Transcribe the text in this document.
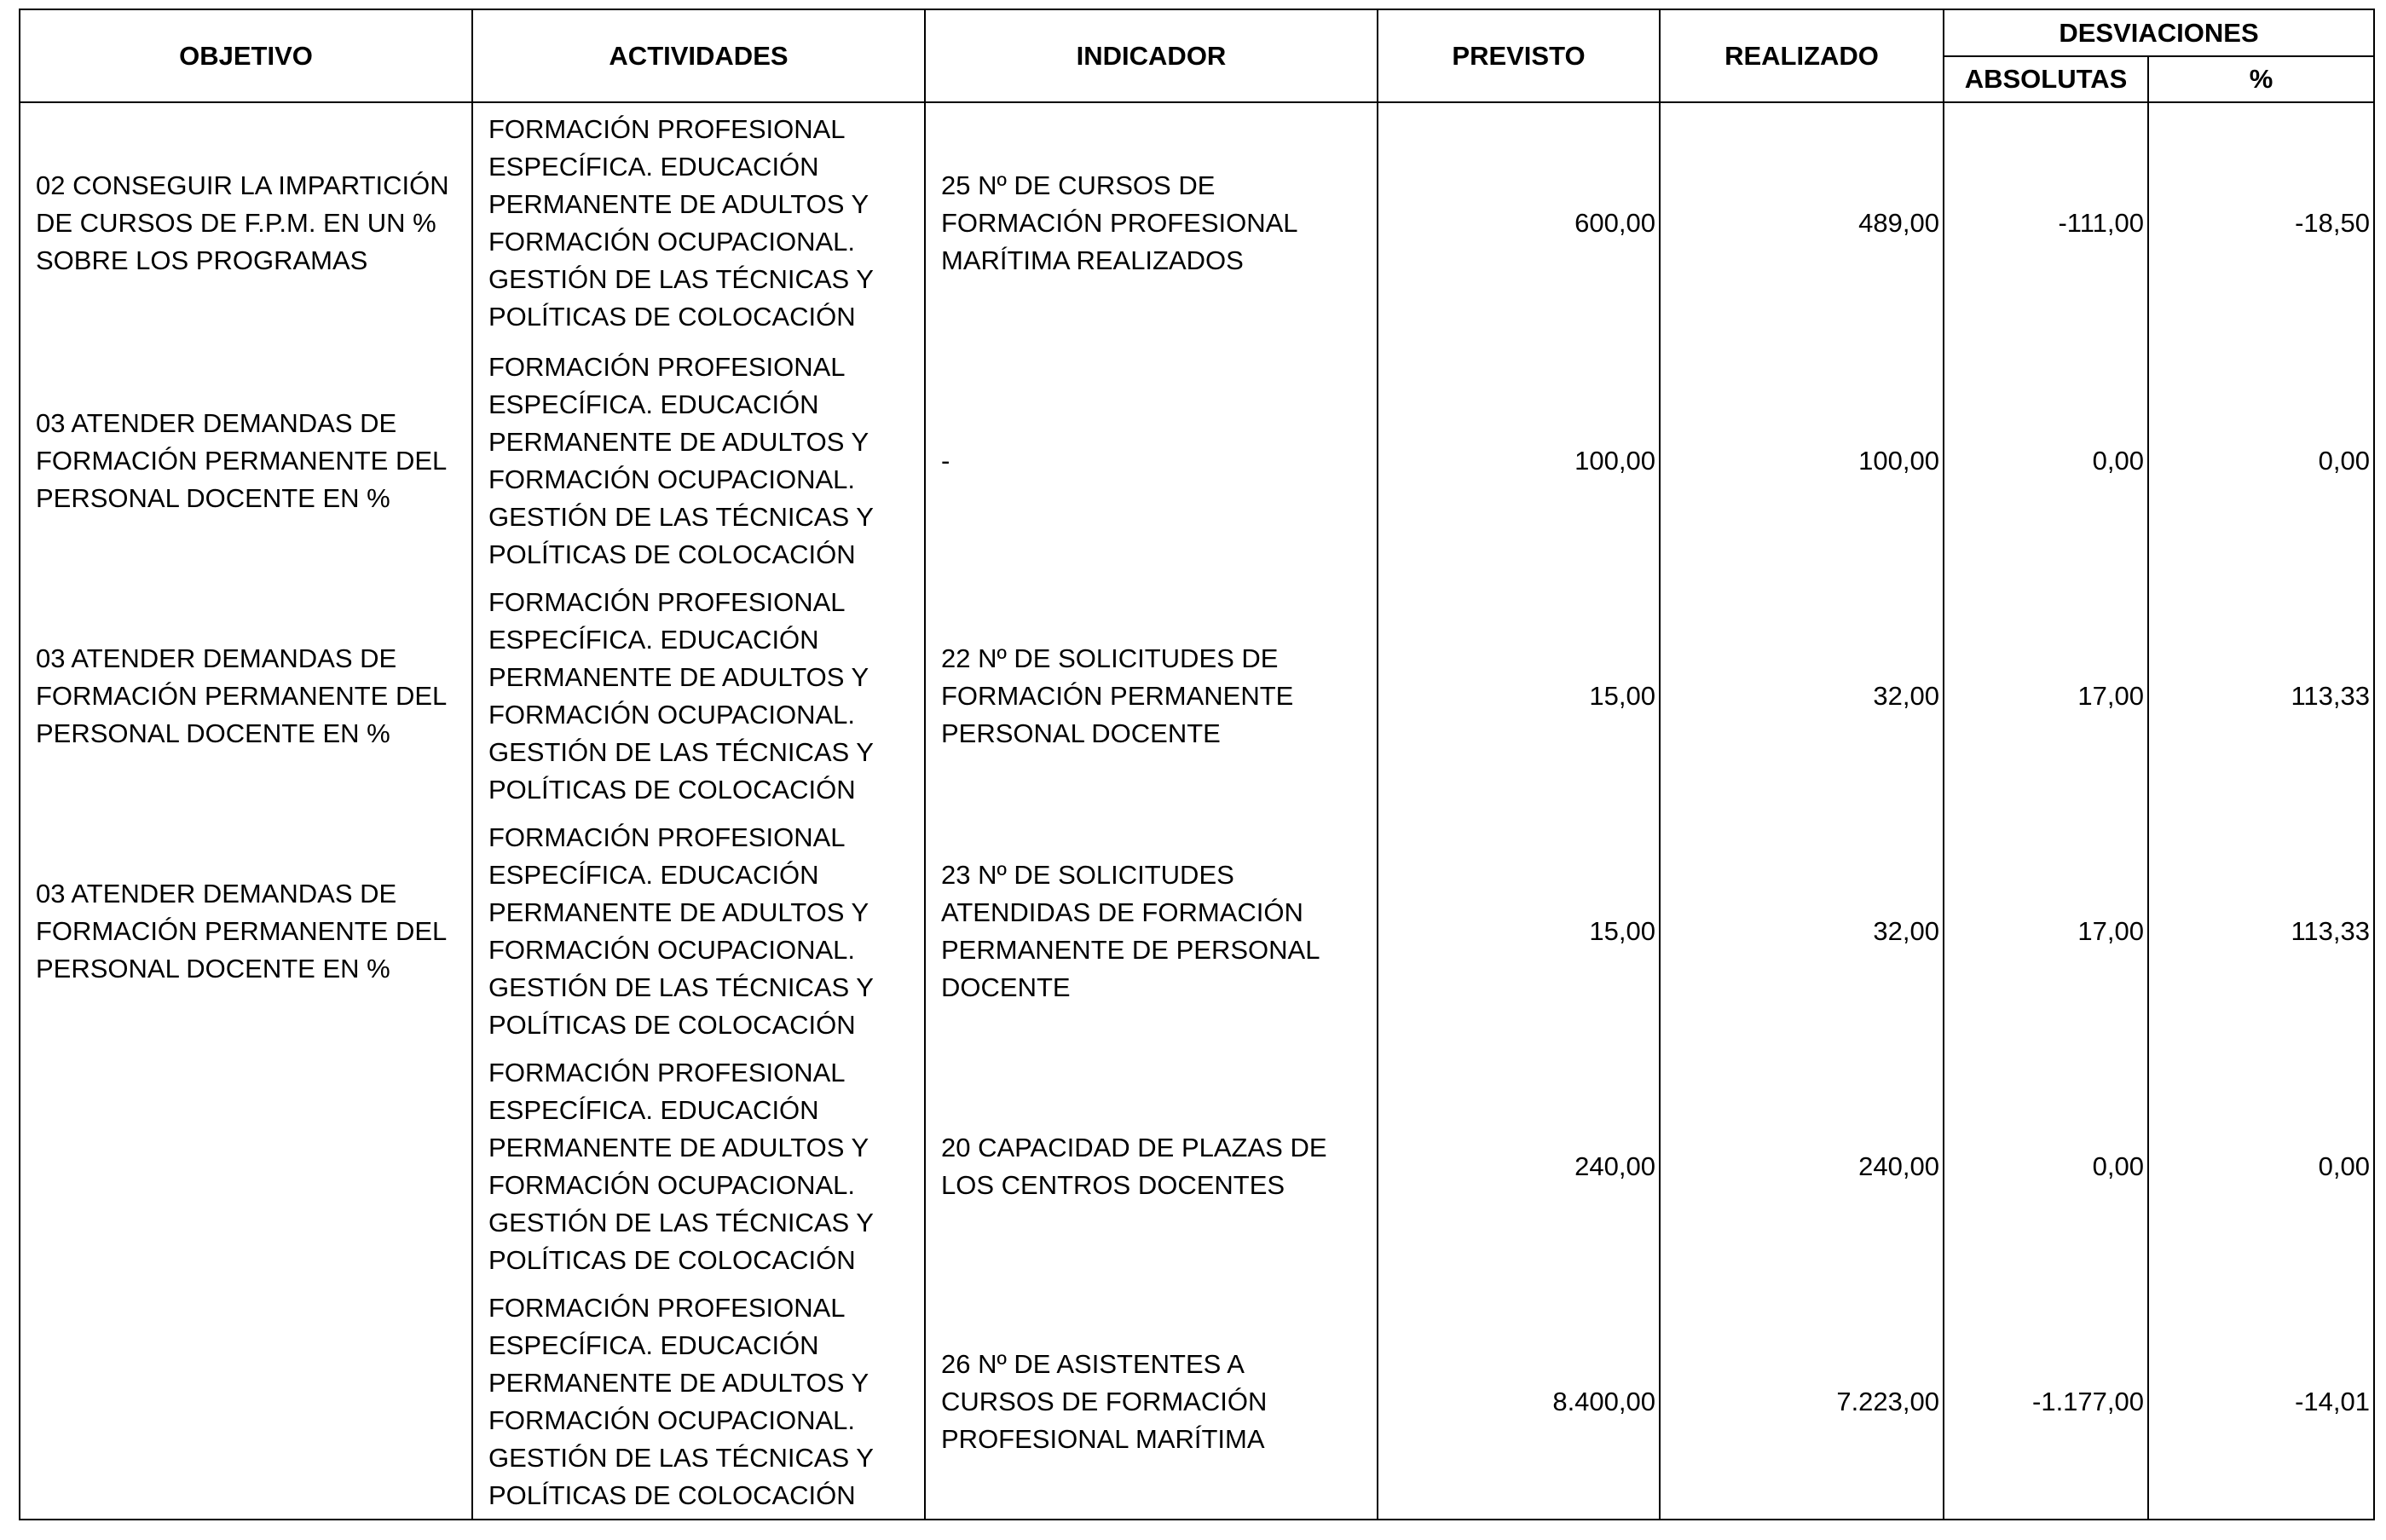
OBJETIVO	ACTIVIDADES	INDICADOR	PREVISTO	REALIZADO	DESVIACIONES	
					ABSOLUTAS	%
02 CONSEGUIR LA IMPARTICIÓN DE CURSOS DE F.P.M. EN UN % SOBRE LOS PROGRAMAS	FORMACIÓN PROFESIONAL ESPECÍFICA. EDUCACIÓN PERMANENTE DE ADULTOS Y FORMACIÓN OCUPACIONAL. GESTIÓN DE LAS TÉCNICAS Y POLÍTICAS DE COLOCACIÓN	25 Nº DE CURSOS DE FORMACIÓN PROFESIONAL MARÍTIMA REALIZADOS	600,00	489,00	-111,00	-18,50
03 ATENDER DEMANDAS DE FORMACIÓN PERMANENTE DEL PERSONAL DOCENTE EN %	FORMACIÓN PROFESIONAL ESPECÍFICA. EDUCACIÓN PERMANENTE DE ADULTOS Y FORMACIÓN OCUPACIONAL. GESTIÓN DE LAS TÉCNICAS Y POLÍTICAS DE COLOCACIÓN	-	100,00	100,00	0,00	0,00
03 ATENDER DEMANDAS DE FORMACIÓN PERMANENTE DEL PERSONAL DOCENTE EN %	FORMACIÓN PROFESIONAL ESPECÍFICA. EDUCACIÓN PERMANENTE DE ADULTOS Y FORMACIÓN OCUPACIONAL. GESTIÓN DE LAS TÉCNICAS Y POLÍTICAS DE COLOCACIÓN	22 Nº DE SOLICITUDES DE FORMACIÓN PERMANENTE PERSONAL DOCENTE	15,00	32,00	17,00	113,33
03 ATENDER DEMANDAS DE FORMACIÓN PERMANENTE DEL PERSONAL DOCENTE EN %	FORMACIÓN PROFESIONAL ESPECÍFICA. EDUCACIÓN PERMANENTE DE ADULTOS Y FORMACIÓN OCUPACIONAL. GESTIÓN DE LAS TÉCNICAS Y POLÍTICAS DE COLOCACIÓN	23 Nº DE SOLICITUDES ATENDIDAS DE FORMACIÓN PERMANENTE DE PERSONAL DOCENTE	15,00	32,00	17,00	113,33
	FORMACIÓN PROFESIONAL ESPECÍFICA. EDUCACIÓN PERMANENTE DE ADULTOS Y FORMACIÓN OCUPACIONAL. GESTIÓN DE LAS TÉCNICAS Y POLÍTICAS DE COLOCACIÓN	20 CAPACIDAD DE PLAZAS DE LOS CENTROS DOCENTES	240,00	240,00	0,00	0,00
	FORMACIÓN PROFESIONAL ESPECÍFICA. EDUCACIÓN PERMANENTE DE ADULTOS Y FORMACIÓN OCUPACIONAL. GESTIÓN DE LAS TÉCNICAS Y POLÍTICAS DE COLOCACIÓN	26 Nº DE ASISTENTES A CURSOS DE FORMACIÓN PROFESIONAL MARÍTIMA	8.400,00	7.223,00	-1.177,00	-14,01
